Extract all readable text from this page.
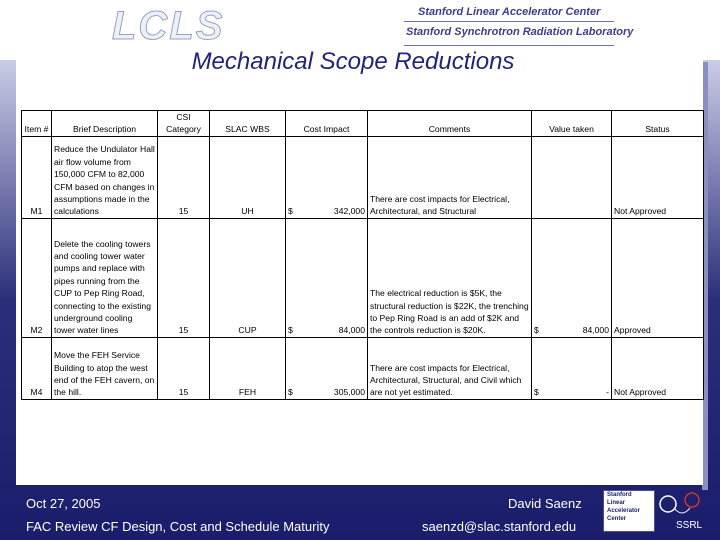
LCLS	Stanford Linear Accelerator Center
Stanford Synchrotron Radiation Laboratory
Mechanical Scope Reductions
Item #	Brief Description	CSI Category	SLAC WBS	Cost Impact	Comments	Value taken	Status
M1	Reduce the Undulator Hall air flow volume from 150,000 CFM to 82,000 CFM based on changes in assumptions made in the calculations	15	UH	$ 342,000	There are cost impacts for Electrical, Architectural, and Structural		Not Approved
M2	Delete the cooling towers and cooling tower water pumps and replace with pipes running from the CUP to Pep Ring Road, connecting to the existing underground cooling tower water lines	15	CUP	$ 84,000	The electrical reduction is $5K, the structural reduction is $22K, the trenching to Pep Ring Road is an add of $2K and the controls reduction is $20K.	$ 84,000	Approved
M4	Move the FEH Service Building to atop the west end of the FEH cavern, on the hill.	15	FEH	$ 305,000	There are cost impacts for Electrical, Architectural, Structural, and Civil which are not yet estimated.	$ -	Not Approved
Oct 27, 2005
FAC Review CF Design, Cost and Schedule Maturity
David Saenz
saenzd@slac.stanford.edu
Stanford
Linear
Accelerator
Center
SSRL
